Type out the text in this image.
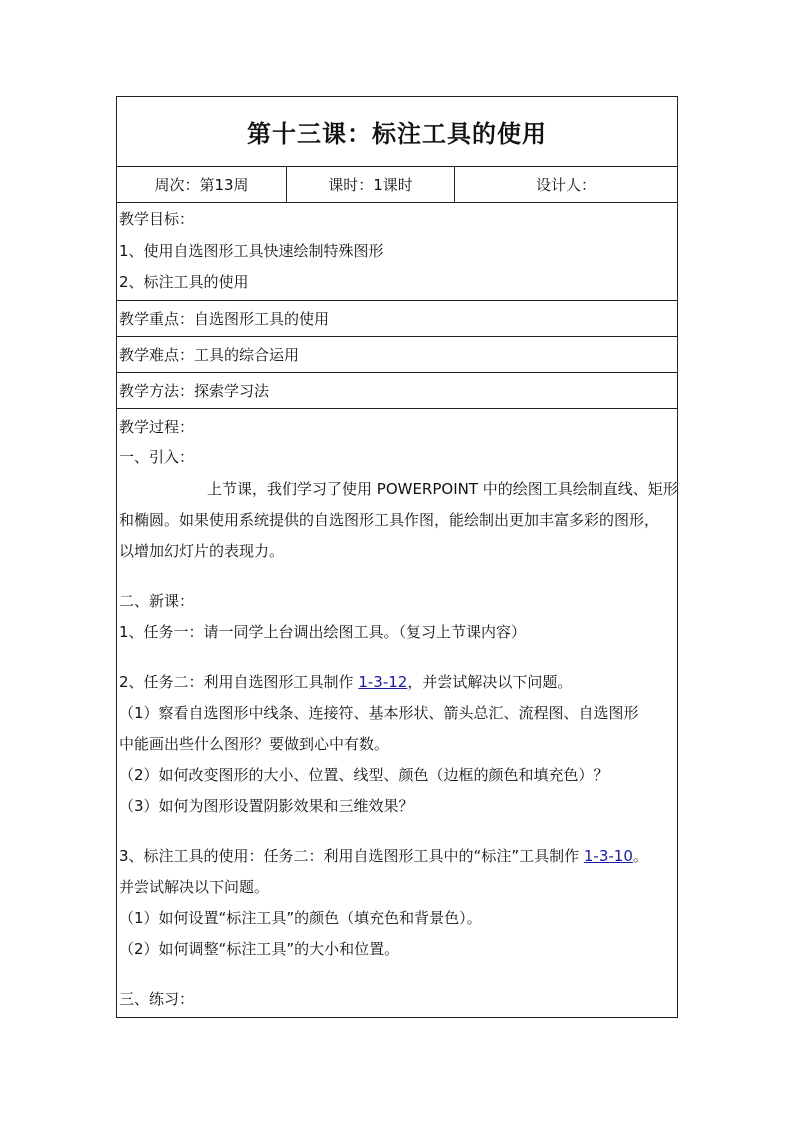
第十三课：标注工具的使用
周次：第13周	课时：1课时	设计人：
教学目标：
1、使用自选图形工具快速绘制特殊图形
2、标注工具的使用
教学重点：自选图形工具的使用
教学难点：工具的综合运用
教学方法：探索学习法
教学过程：
一、引入：
上节课，我们学习了使用 POWERPOINT 中的绘图工具绘制直线、矩形
和椭圆。如果使用系统提供的自选图形工具作图，能绘制出更加丰富多彩的图形，
以增加幻灯片的表现力。
二、新课：
1、任务一：请一同学上台调出绘图工具。（复习上节课内容）
2、任务二：利用自选图形工具制作 1-3-12，并尝试解决以下问题。
（1）察看自选图形中线条、连接符、基本形状、箭头总汇、流程图、自选图形
中能画出些什么图形？要做到心中有数。
（2）如何改变图形的大小、位置、线型、颜色（边框的颜色和填充色）？
（3）如何为图形设置阴影效果和三维效果？
3、标注工具的使用：任务二：利用自选图形工具中的“标注”工具制作 1-3-10。
并尝试解决以下问题。
（1）如何设置“标注工具”的颜色（填充色和背景色）。
（2）如何调整“标注工具”的大小和位置。
三、练习：
